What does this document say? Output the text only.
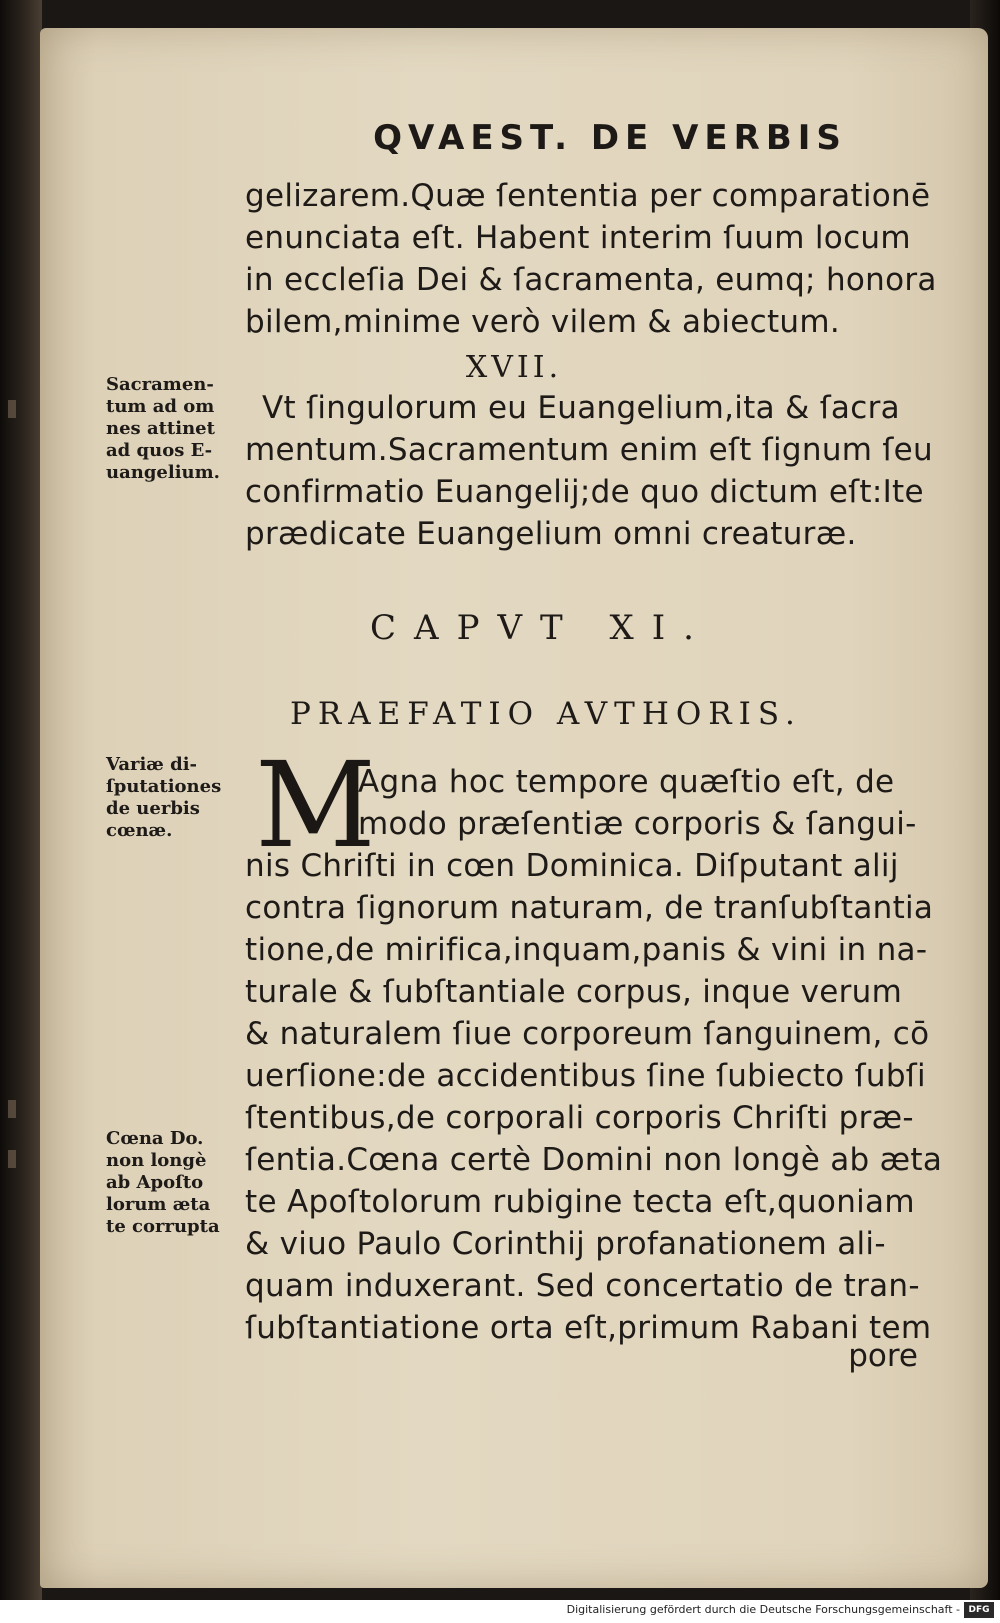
QVAEST. DE VERBIS
gelizarem.Quæ ſententia per comparationē
enunciata eſt. Habent interim ſuum locum
in eccleſia Dei & ſacramenta, eumq; honora
bilem,minime verò vilem & abiectum.
XVII.
Vt ſingulorum eu Euangelium,ita & ſacra
mentum.Sacramentum enim eſt ſignum ſeu
confirmatio Euangelij;de quo dictum eſt:Ite
prædicate Euangelium omni creaturæ.
Sacramen-
tum ad om
nes attinet
ad quos E-
uangelium.
CAPVT XI.
PRAEFATIO AVTHORIS.
Variæ di-
ſputationes
de uerbis
cœnæ. M
Agna hoc tempore quæſtio eſt, de
modo præſentiæ corporis & ſangui-
nis Chriſti in cœn Dominica. Diſputant alij
contra ſignorum naturam, de tranſubſtantia
tione,de mirifica,inquam,panis & vini in na-
turale & ſubſtantiale corpus, inque verum
& naturalem ſiue corporeum ſanguinem, cō
uerſione:de accidentibus ſine ſubiecto ſubſi
ſtentibus,de corporali corporis Chriſti præ-
ſentia.Cœna certè Domini non longè ab æta
te Apoſtolorum rubigine tecta eſt,quoniam
& viuo Paulo Corinthij profanationem ali-
quam induxerant. Sed concertatio de tran-
ſubſtantiatione orta eſt,primum Rabani tem
Cœna Do.
non longè
ab Apoſto
lorum æta
te corrupta
pore
Digitalisierung gefördert durch die Deutsche Forschungsgemeinschaft - DFG
